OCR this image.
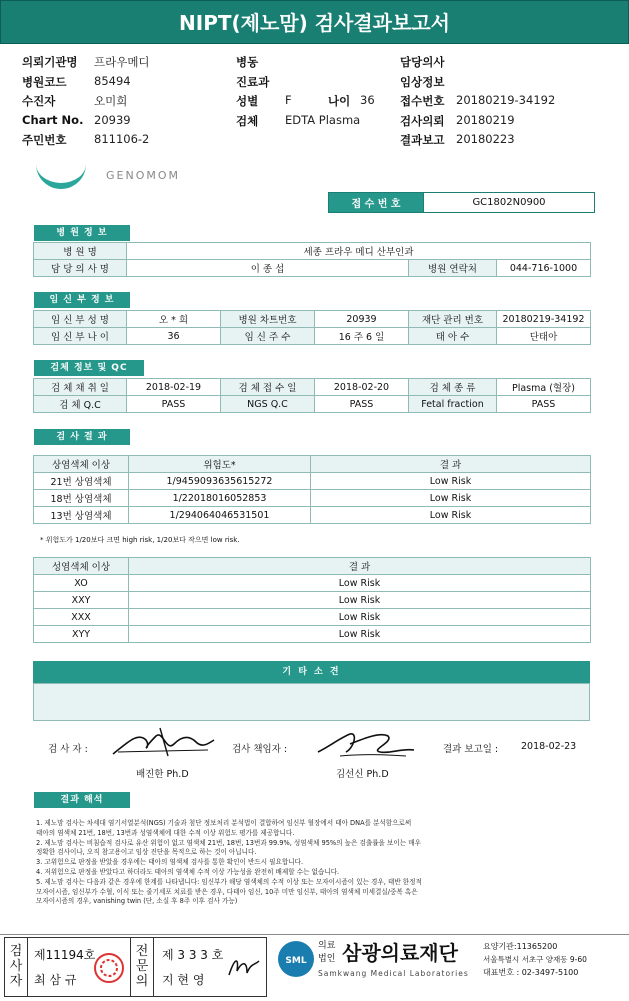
NIPT(제노맘) 검사결과보고서
의뢰기관명 프라우메디	병동	담당의사
병원코드 85494	진료과	임상정보
수진자	오미희	성별 F	나이 36 접수번호 20180219-34192
Chart No. 20939	검체 EDTA Plasma	검사의뢰 20180219
주민번호 811106-2	결과보고 20180223
GENOMOM
접 수 번 호	GC1802N0900
병 원 정 보
병 원 명	세종 프라우 메디 산부인과		
담 당 의 사 명	이 종 섭	병원 연락처	044-716-1000
임 신 부 정 보
임 신 부 성 명	오 * 희	병원 차트번호	20939	재단 관리 번호	20180219-34192
임 신 부 나 이	36	임 신 주 수	16 주 6 일	태 아 수	단태아
검체 정보 및 QC
검 체 채 취 일	2018-02-19	검 체 접 수 일	2018-02-20	검 체 종 류	Plasma (혈장)
검 체 Q.C	PASS	NGS Q.C	PASS	Fetal fraction	PASS
검 사 결 과
상염색체 이상	위험도*	결 과
21번 상염색체	1/9459093635615272	Low Risk
18번 상염색체	1/22018016052853	Low Risk
13번 상염색체	1/294064046531501	Low Risk
* 위험도가 1/20보다 크면 high risk, 1/20보다 작으면 low risk.
성염색체 이상	결 과
XO	Low Risk
XXY	Low Risk
XXX	Low Risk
XYY	Low Risk
기 타 소 견
검 사 자 :
배진한 Ph.D
검사 책임자 :
김선신 Ph.D
결과 보고일 : 2018-02-23
결과 해석
1. 제노맘 검사는 차세대 염기서열분석(NGS) 기술과 첨단 정보처리 분석법이 결합하여 임신부 혈장에서 태아 DNA를 분석함으로써
태아의 염색체 21번, 18번, 13번과 성염색체에 대한 수적 이상 위험도 평가를 제공합니다.
2. 제노맘 검사는 비침습적 검사로 유산 위험이 없고 염색체 21번, 18번, 13번과 99.9%, 성염색체 95%의 높은 검출률을 보이는 매우
정확한 검사이나, 오직 참고용이고 임상 진단을 목적으로 하는 것이 아닙니다.
3. 고위험으로 판정을 받았을 경우에는 태아의 염색체 검사를 통한 확인이 반드시 필요합니다.
4. 저위험으로 판정을 받았다고 하더라도 태아의 염색체 수적 이상 가능성을 완전히 배제할 수는 없습니다.
5. 제노맘 검사는 다음과 같은 경우에 한계를 나타냅니다: 임신부가 해당 염색체의 수적 이상 또는 모자이시즘이 있는 경우, 태반 한정적
모자이시즘, 임신부가 수혈, 이식 또는 줄기세포 치료를 받은 경우, 다태아 임신, 10주 미만 임신부, 태아의 염색체 미세결실/중복 혹은
모자이시즘의 경우, vanishing twin (단, 소실 후 8주 이후 검사 가능)
검사자
제11194호
최 삼 규
전문의
제 3 3 3 호
지 현 영
SML
의료
법인 삼광의료재단
Samkwang Medical Laboratories
요양기관:11365200
서울특별시 서초구 양재동 9-60
대표번호 : 02-3497-5100
